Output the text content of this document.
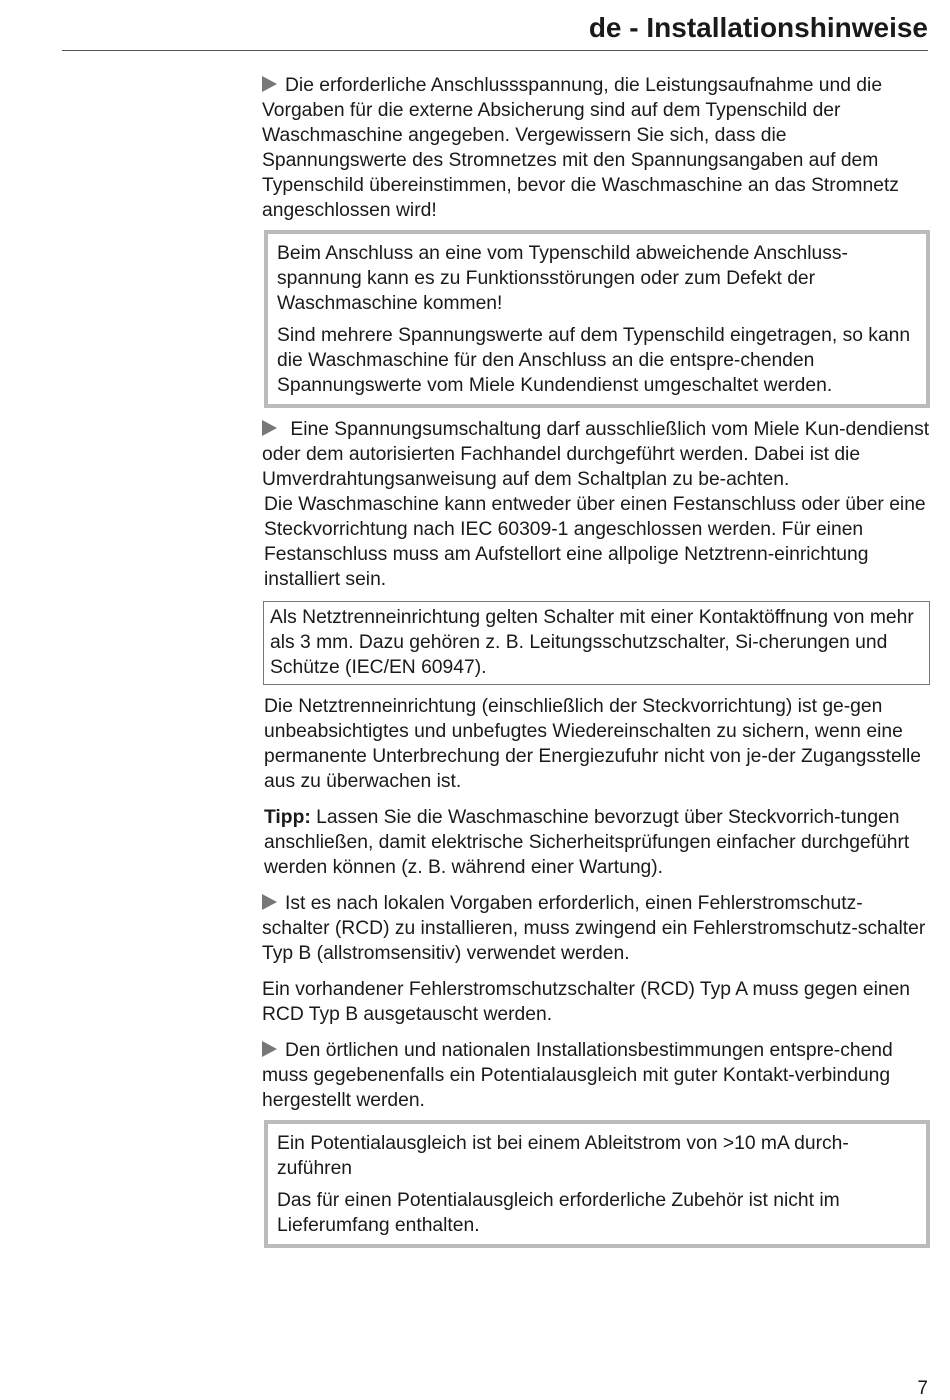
de - Installationshinweise

Die erforderliche Anschlussspannung, die Leistungsaufnahme und die Vorgaben für die externe Absicherung sind auf dem Typenschild der Waschmaschine angegeben. Vergewissern Sie sich, dass die Spannungswerte des Stromnetzes mit den Spannungsangaben auf dem Typenschild übereinstimmen, bevor die Waschmaschine an das Stromnetz angeschlossen wird!

Beim Anschluss an eine vom Typenschild abweichende Anschluss-spannung kann es zu Funktionsstörungen oder zum Defekt der Waschmaschine kommen!

Sind mehrere Spannungswerte auf dem Typenschild eingetragen, so kann die Waschmaschine für den Anschluss an die entspre-chenden Spannungswerte vom Miele Kundendienst umgeschaltet werden.

Eine Spannungsumschaltung darf ausschließlich vom Miele Kun-dendienst oder dem autorisierten Fachhandel durchgeführt werden. Dabei ist die Umverdrahtungsanweisung auf dem Schaltplan zu be-achten.

Die Waschmaschine kann entweder über einen Festanschluss oder über eine Steckvorrichtung nach IEC 60309-1 angeschlossen werden. Für einen Festanschluss muss am Aufstellort eine allpolige Netztrenn-einrichtung installiert sein.

Als Netztrenneinrichtung gelten Schalter mit einer Kontaktöffnung von mehr als 3 mm. Dazu gehören z. B. Leitungsschutzschalter, Si-cherungen und Schütze (IEC/EN 60947).

Die Netztrenneinrichtung (einschließlich der Steckvorrichtung) ist ge-gen unbeabsichtigtes und unbefugtes Wiedereinschalten zu sichern, wenn eine permanente Unterbrechung der Energiezufuhr nicht von je-der Zugangsstelle aus zu überwachen ist.

Tipp: Lassen Sie die Waschmaschine bevorzugt über Steckvorrich-tungen anschließen, damit elektrische Sicherheitsprüfungen einfacher durchgeführt werden können (z. B. während einer Wartung).

Ist es nach lokalen Vorgaben erforderlich, einen Fehlerstromschutz-schalter (RCD) zu installieren, muss zwingend ein Fehlerstromschutz-schalter Typ B (allstromsensitiv) verwendet werden.

Ein vorhandener Fehlerstromschutzschalter (RCD) Typ A muss gegen einen RCD Typ B ausgetauscht werden.

Den örtlichen und nationalen Installationsbestimmungen entspre-chend muss gegebenenfalls ein Potentialausgleich mit guter Kontakt-verbindung hergestellt werden.

Ein Potentialausgleich ist bei einem Ableitstrom von >10 mA durch-zuführen

Das für einen Potentialausgleich erforderliche Zubehör ist nicht im Lieferumfang enthalten.

7
